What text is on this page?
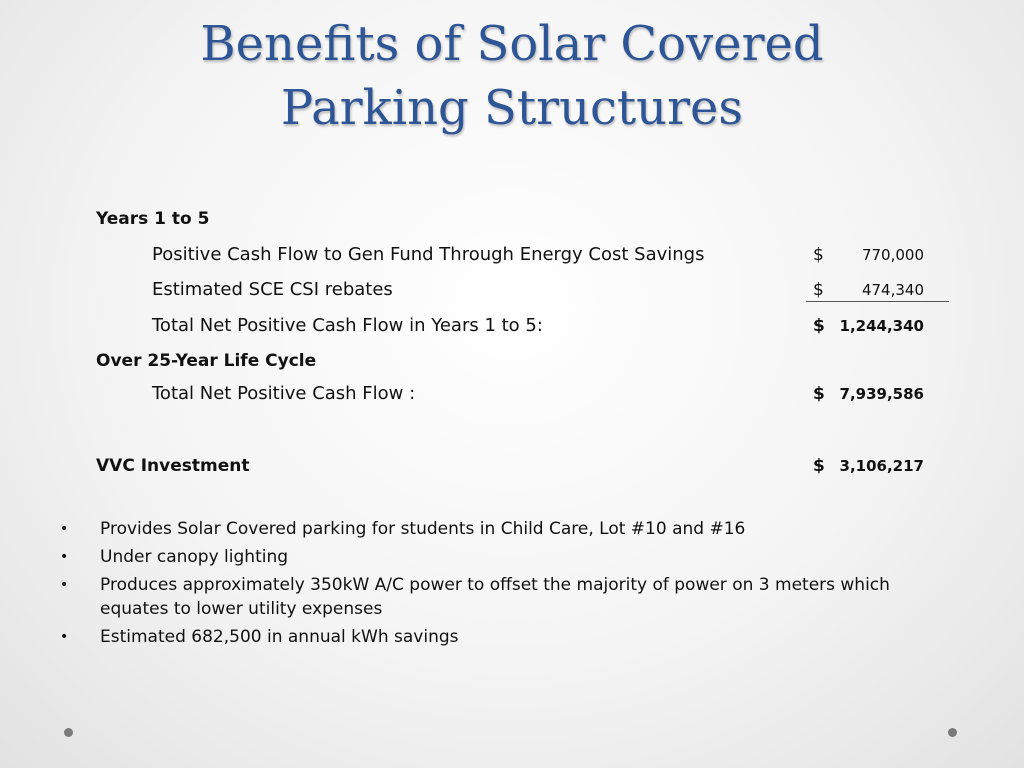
Benefits of Solar Covered
Parking Structures
Years 1 to 5
Positive Cash Flow to Gen Fund Through Energy Cost Savings	$	770,000
Estimated SCE CSI rebates	$	474,340
Total Net Positive Cash Flow in Years 1 to 5:	$ 1,244,340
Over 25-Year Life Cycle
Total Net Positive Cash Flow :	$ 7,939,586
VVC Investment	$ 3,106,217
• Provides Solar Covered parking for students in Child Care, Lot #10 and #16
• Under canopy lighting
• Produces approximately 350kW A/C power to offset the majority of power on 3 meters which equates to lower utility expenses
• Estimated 682,500 in annual kWh savings
